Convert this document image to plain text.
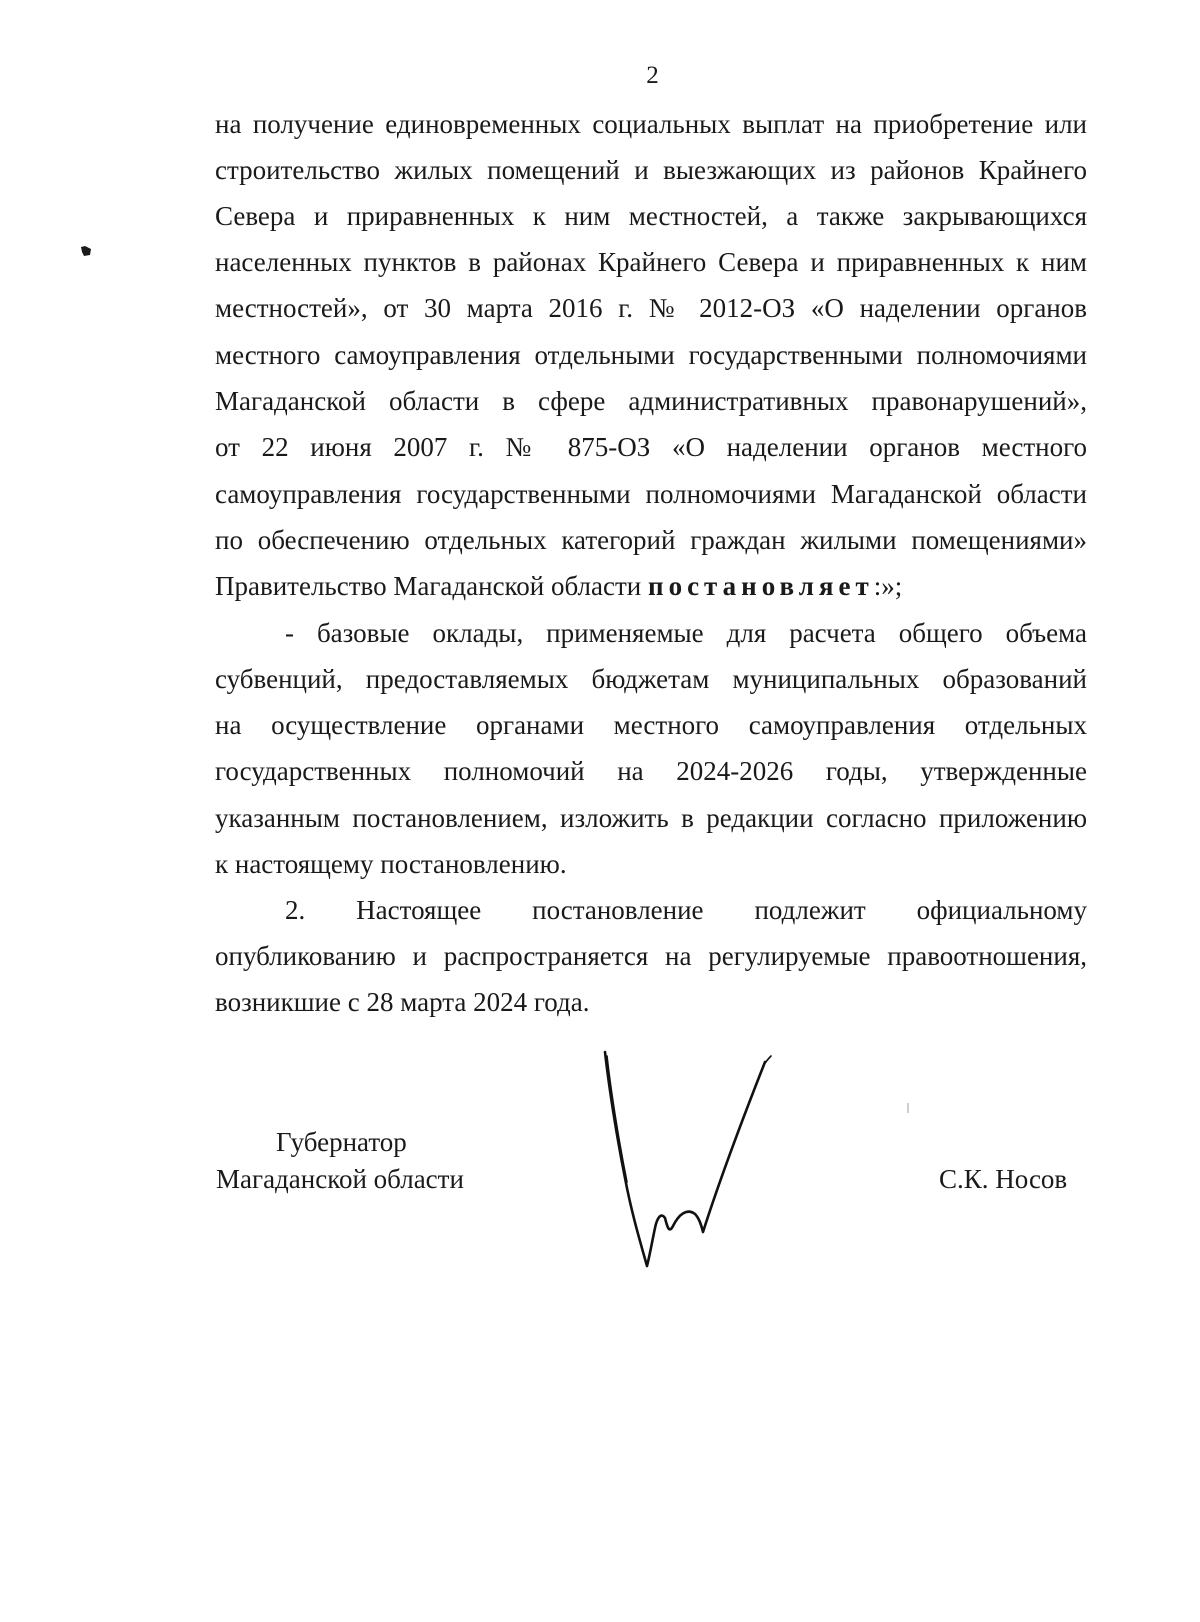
2
на получение единовременных социальных выплат на приобретение или
строительство жилых помещений и выезжающих из районов Крайнего
Севера и приравненных к ним местностей, а также закрывающихся
населенных пунктов в районах Крайнего Севера и приравненных к ним
местностей», от 30 марта 2016 г. № 2012-ОЗ «О наделении органов
местного самоуправления отдельными государственными полномочиями
Магаданской области в сфере административных правонарушений»,
от 22 июня 2007 г. № 875-ОЗ «О наделении органов местного
самоуправления государственными полномочиями Магаданской области
по обеспечению отдельных категорий граждан жилыми помещениями»
Правительство Магаданской области постановляет:»;
- базовые оклады, применяемые для расчета общего объема
субвенций, предоставляемых бюджетам муниципальных образований
на осуществление органами местного самоуправления отдельных
государственных полномочий на 2024-2026 годы, утвержденные
указанным постановлением, изложить в редакции согласно приложению
к настоящему постановлению.
2. Настоящее постановление подлежит официальному
опубликованию и распространяется на регулируемые правоотношения,
возникшие с 28 марта 2024 года.
Губернатор
Магаданской области	С.К. Носов
